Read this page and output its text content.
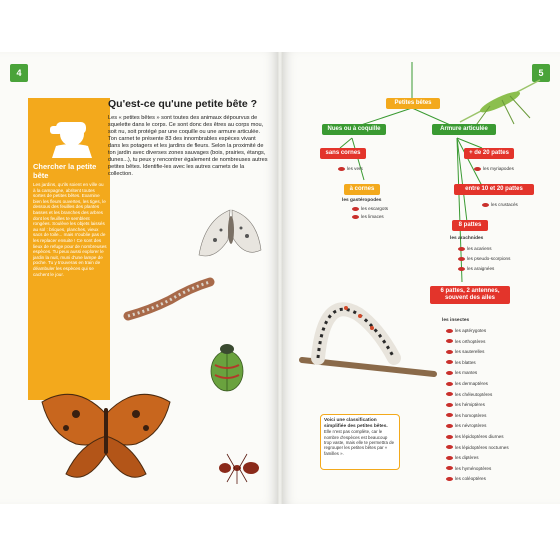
4
Chercher la petite bête
Les jardins, qu'ils soient en ville ou à la campagne, abritent toutes sortes de petites bêtes. Examine bien les fleurs ouvertes, les tiges, le dessous des feuilles des plantes basses et les branches des arbres dont les feuilles te semblent rongées. Soulève les objets laissés au sol : briques, planches, vieux sacs de toile... mais n'oublie pas de les replacer ensuite ! Ce sont des lieux de refuge pour de nombreuses espèces. Tu peux aussi explorer le jardin la nuit, muni d'une lampe de poche. Tu y trouveras en train de déambuler les espèces qui se cachent le jour.
Qu'est-ce qu'une petite bête ?
Les « petites bêtes » sont toutes des animaux dépourvus de squelette dans le corps. Ce sont donc des êtres au corps mou, soit nu, soit protégé par une coquille ou une armure articulée. Ton carnet te présente 83 des innombrables espèces vivant dans les potagers et les jardins de fleurs. Selon la proximité de ton jardin avec diverses zones sauvages (bois, prairies, étangs, dunes...), tu peux y rencontrer également de nombreuses autres petites bêtes. Identifie-les avec les autres carnets de la collection.
5
Petites bêtes
Nues ou à coquille	Armure articulée
sans cornes
les vers
à cornes
les gastéropodes
les escargots
les limaces
+ de 20 pattes
les myriapodes
entre 10 et 20 pattes
les crustacés
8 pattes
les arachnides
les acariens
les pseudo-scorpions
les araignées
6 pattes, 2 antennes, souvent des ailes
les insectes
les aptérygotes
les orthoptères
les sauterelles
les blattes
les mantes
les dermaptères
les chéleutoptères
les hémiptères
les homoptères
les névroptères
les lépidoptères diurnes
les lépidoptères nocturnes
les diptères
les hyménoptères
les coléoptères
Voici une classification simplifiée des petites bêtes.
Elle n'est pas complète, car le nombre d'espèces est beaucoup trop vaste, mais elle te permettra de regrouper les petites bêtes par « familles ».
